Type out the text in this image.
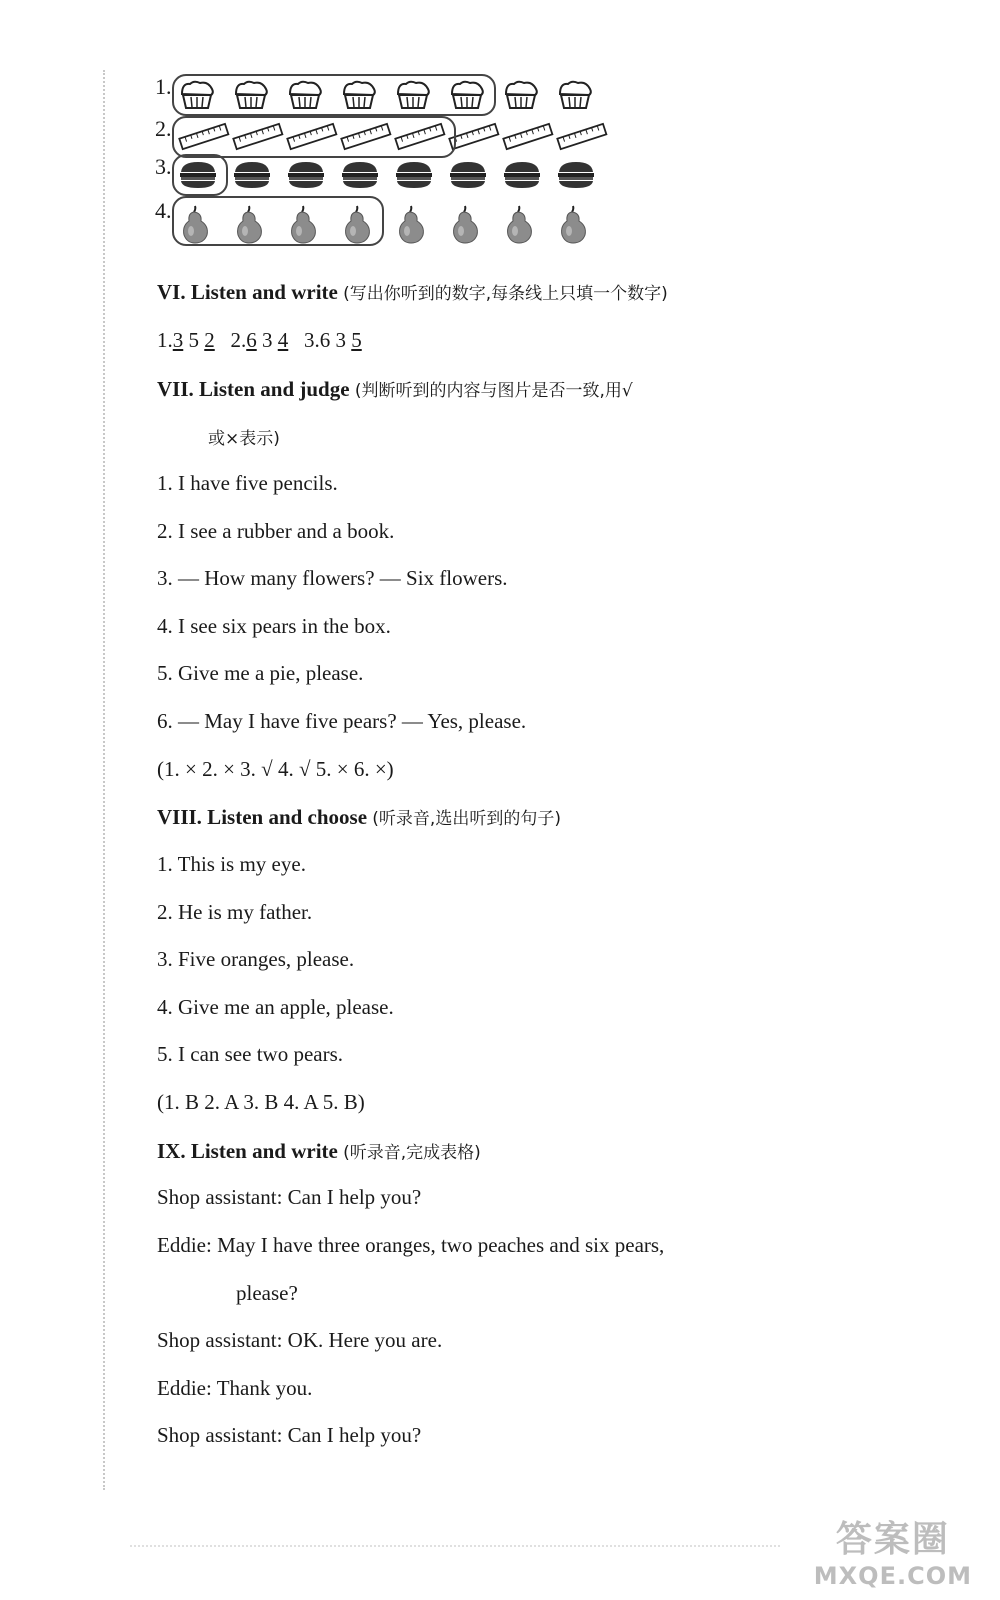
1.
2.
3.
4.
VI. Listen and write (写出你听到的数字,每条线上只填一个数字)
1.3 5 2 2.6 3 4 3.6 3 5
VII. Listen and judge (判断听到的内容与图片是否一致,用√
或×表示)
1. I have five pencils.
2. I see a rubber and a book.
3. — How many flowers? — Six flowers.
4. I see six pears in the box.
5. Give me a pie, please.
6. — May I have five pears? — Yes, please.
(1. × 2. × 3. √ 4. √ 5. × 6. ×)
VIII. Listen and choose (听录音,选出听到的句子)
1. This is my eye.
2. He is my father.
3. Five oranges, please.
4. Give me an apple, please.
5. I can see two pears.
(1. B 2. A 3. B 4. A 5. B)
IX. Listen and write (听录音,完成表格)
Shop assistant: Can I help you?
Eddie: May I have three oranges, two peaches and six pears,
please?
Shop assistant: OK. Here you are.
Eddie: Thank you.
Shop assistant: Can I help you?
答案圈
MXQE.COM
